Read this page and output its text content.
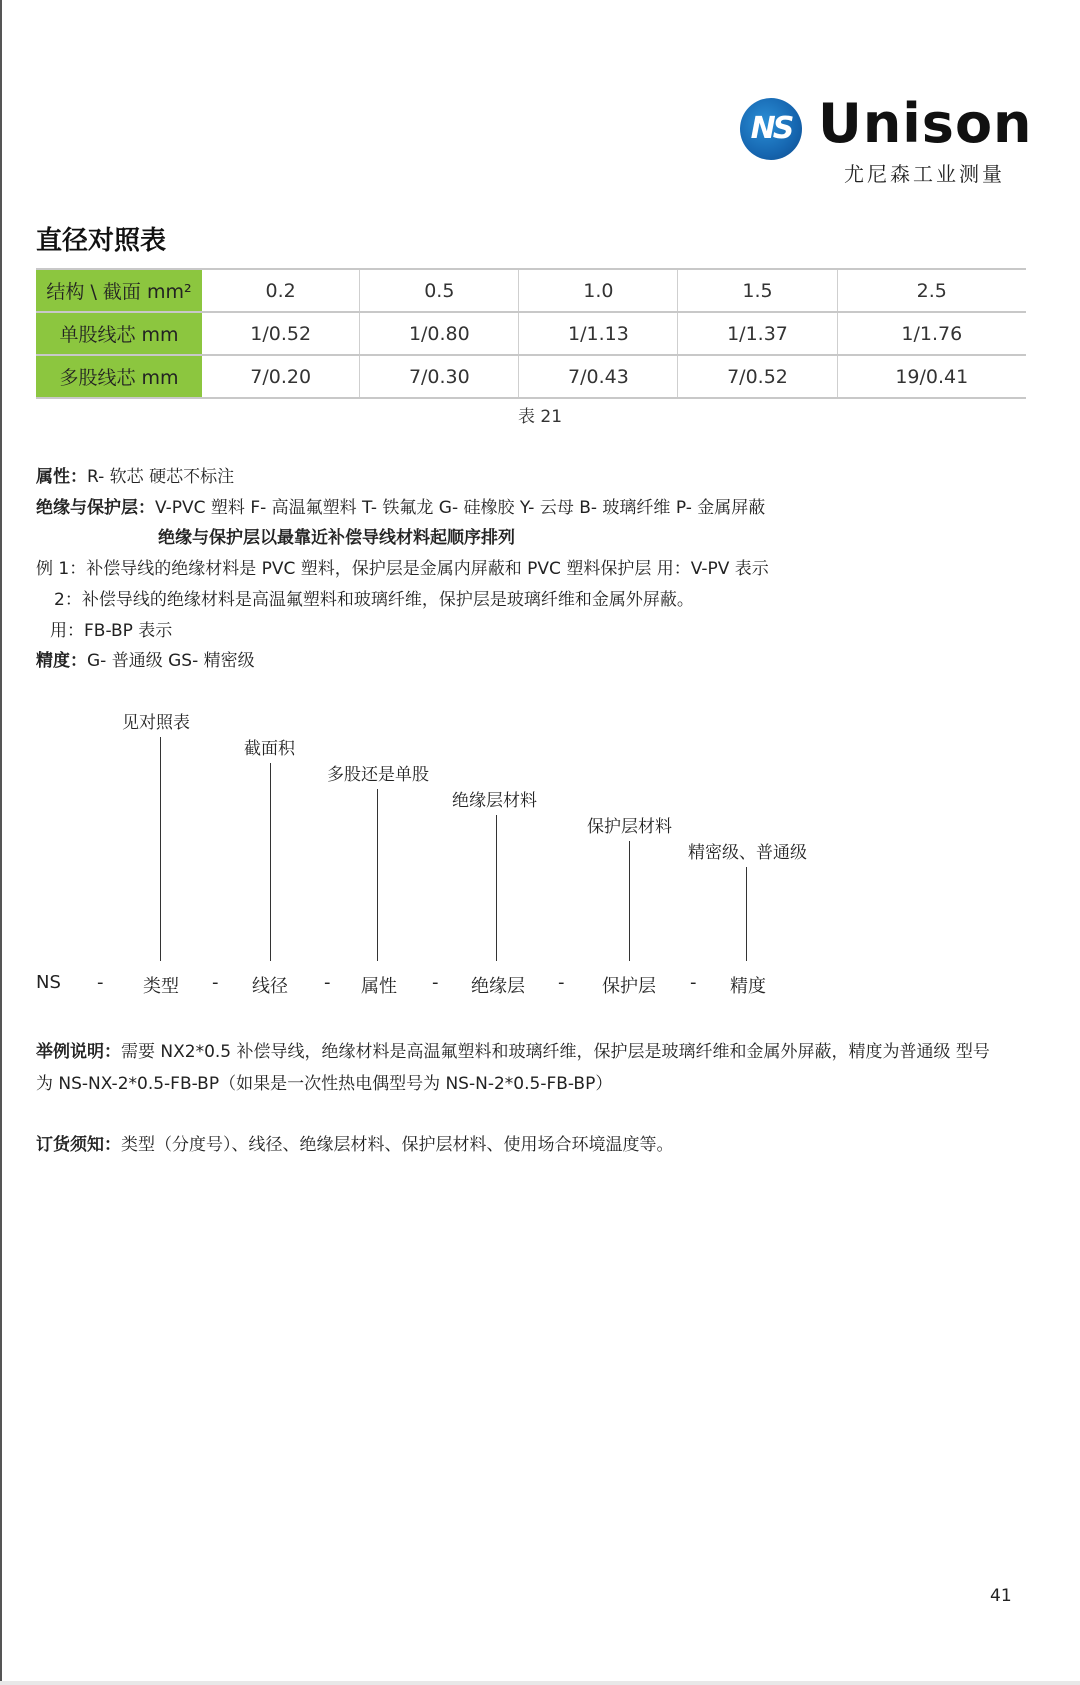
NS Unison
尤尼森工业测量
直径对照表
结构 \ 截面 mm²	0.2	0.5	1.0	1.5	2.5
单股线芯 mm	1/0.52	1/0.80	1/1.13	1/1.37	1/1.76
多股线芯 mm	7/0.20	7/0.30	7/0.43	7/0.52	19/0.41
表 21
属性：R- 软芯 硬芯不标注
绝缘与保护层：V-PVC 塑料 F- 高温氟塑料 T- 铁氟龙 G- 硅橡胶 Y- 云母 B- 玻璃纤维 P- 金属屏蔽
绝缘与保护层以最靠近补偿导线材料起顺序排列
例 1：补偿导线的绝缘材料是 PVC 塑料，保护层是金属内屏蔽和 PVC 塑料保护层 用：V-PV 表示
2：补偿导线的绝缘材料是高温氟塑料和玻璃纤维，保护层是玻璃纤维和金属外屏蔽。
用：FB-BP 表示
精度：G- 普通级 GS- 精密级
见对照表
截面积
多股还是单股
绝缘层材料
保护层材料
精密级、普通级
NS - 类型 - 线径 - 属性 - 绝缘层 - 保护层 - 精度
举例说明：需要 NX2*0.5 补偿导线，绝缘材料是高温氟塑料和玻璃纤维，保护层是玻璃纤维和金属外屏蔽，精度为普通级 型号
为 NS-NX-2*0.5-FB-BP（如果是一次性热电偶型号为 NS-N-2*0.5-FB-BP）
订货须知：类型（分度号）、线径、绝缘层材料、保护层材料、使用场合环境温度等。
41
